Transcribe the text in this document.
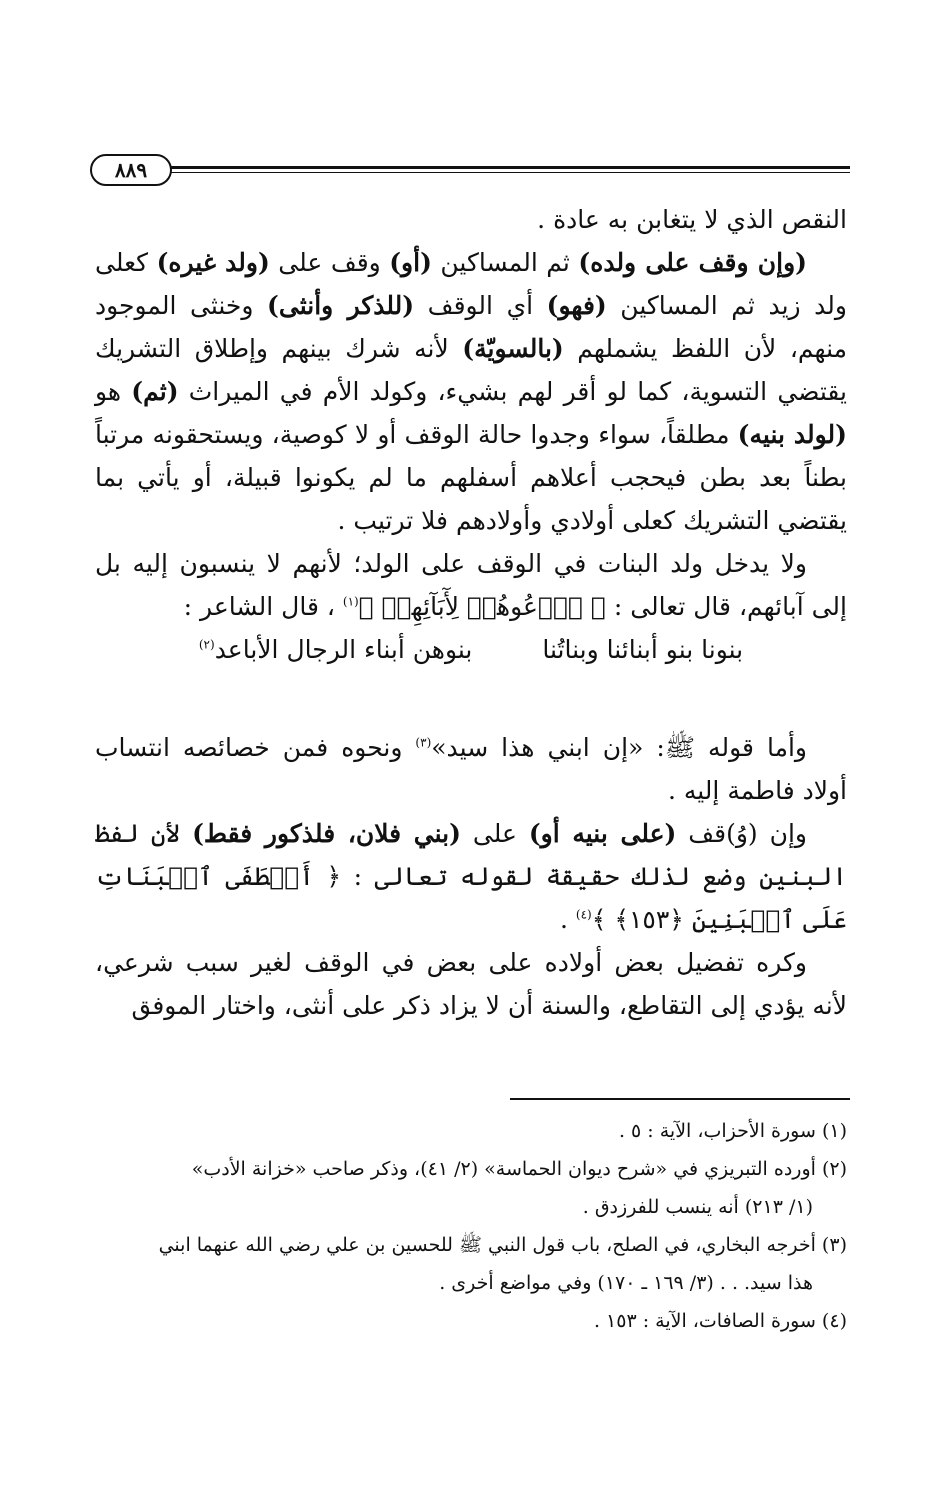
٨٨٩

النقص الذي لا يتغابن به عادة .

(وإن وقف على ولده) ثم المساكين (أو) وقف على (ولد غيره) كعلى ولد زيد ثم المساكين (فهو) أي الوقف (للذكر وأنثى) وخنثى الموجود منهم، لأن اللفظ يشملهم (بالسويّة) لأنه شرك بينهم وإطلاق التشريك يقتضي التسوية، كما لو أقر لهم بشيء، وكولد الأم في الميراث (ثم) هو (لولد بنيه) مطلقاً، سواء وجدوا حالة الوقف أو لا كوصية، ويستحقونه مرتباً بطناً بعد بطن فيحجب أعلاهم أسفلهم ما لم يكونوا قبيلة، أو يأتي بما يقتضي التشريك كعلى أولادي وأولادهم فلا ترتيب .

ولا يدخل ولد البنات في الوقف على الولد؛ لأنهم لا ينسبون إليه بل إلى آبائهم، قال تعالى : ﴿ ٱدۡعُوهُمۡ لِأٓبَآئِهِمۡ ﴾$^{(١)}$ ، قال الشاعر :

بنونا بنو أبنائنا وبناتُنا
بنوهن أبناء الرجال الأباعد$^{(٢)}$

وأما قوله ﷺ: «إن ابني هذا سيد»$^{(٣)}$ ونحوه فمن خصائصه انتساب أولاد فاطمة إليه .

وإن (وُ)قف (على بنيه أو) على (بني فلان، فلذكور فقط) لأن لفظ البنين وضع لذلك حقيقة لقوله تعالى : ﴿ أَصۡطَفَى ٱلۡبَنَاتِ عَلَى ٱلۡبَنِينَ ﴿١٥٣﴾ ﴾$^{(٤)}$ .

وكره تفضيل بعض أولاده على بعض في الوقف لغير سبب شرعي، لأنه يؤدي إلى التقاطع، والسنة أن لا يزاد ذكر على أنثى، واختار الموفق

(١) سورة الأحزاب، الآية : ٥ .

(٢) أورده التبريزي في «شرح ديوان الحماسة» (٢/ ٤١)، وذكر صاحب «خزانة الأدب»

(١/ ٢١٣) أنه ينسب للفرزدق .

(٣) أخرجه البخاري، في الصلح، باب قول النبي ﷺ للحسين بن علي رضي الله عنهما ابني

هذا سيد. . . (٣/ ١٦٩ ـ ١٧٠) وفي مواضع أخرى .

(٤) سورة الصافات، الآية : ١٥٣ .
